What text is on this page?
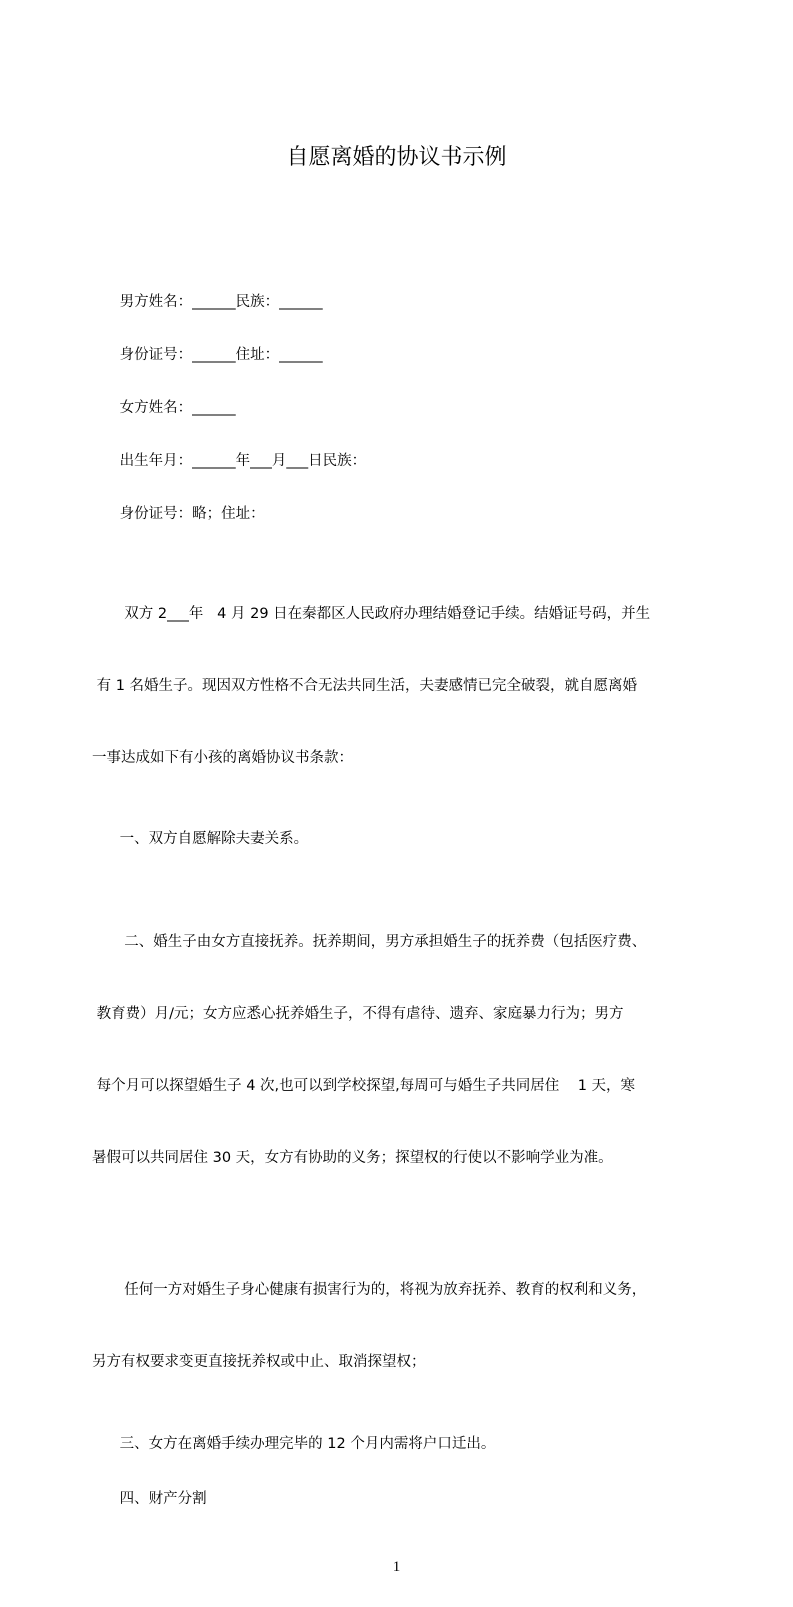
自愿离婚的协议书示例
男方姓名：______民族：______
身份证号：______住址：______
女方姓名：______
出生年月：______年___月___日民族：
身份证号：略；住址：

双方 2___年   4 月 29 日在秦都区人民政府办理结婚登记手续。结婚证号码，并生

有 1 名婚生子。现因双方性格不合无法共同生活，夫妻感情已完全破裂，就自愿离婚

一事达成如下有小孩的离婚协议书条款：

一、双方自愿解除夫妻关系。

二、婚生子由女方直接抚养。抚养期间，男方承担婚生子的抚养费（包括医疗费、

教育费）月/元；女方应悉心抚养婚生子，不得有虐待、遗弃、家庭暴力行为；男方

每个月可以探望婚生子 4 次,也可以到学校探望,每周可与婚生子共同居住    1 天，寒

暑假可以共同居住 30 天，女方有协助的义务；探望权的行使以不影响学业为准。

任何一方对婚生子身心健康有损害行为的，将视为放弃抚养、教育的权利和义务，

另方有权要求变更直接抚养权或中止、取消探望权；

三、女方在离婚手续办理完毕的 12 个月内需将户口迁出。
四、财产分割
1
